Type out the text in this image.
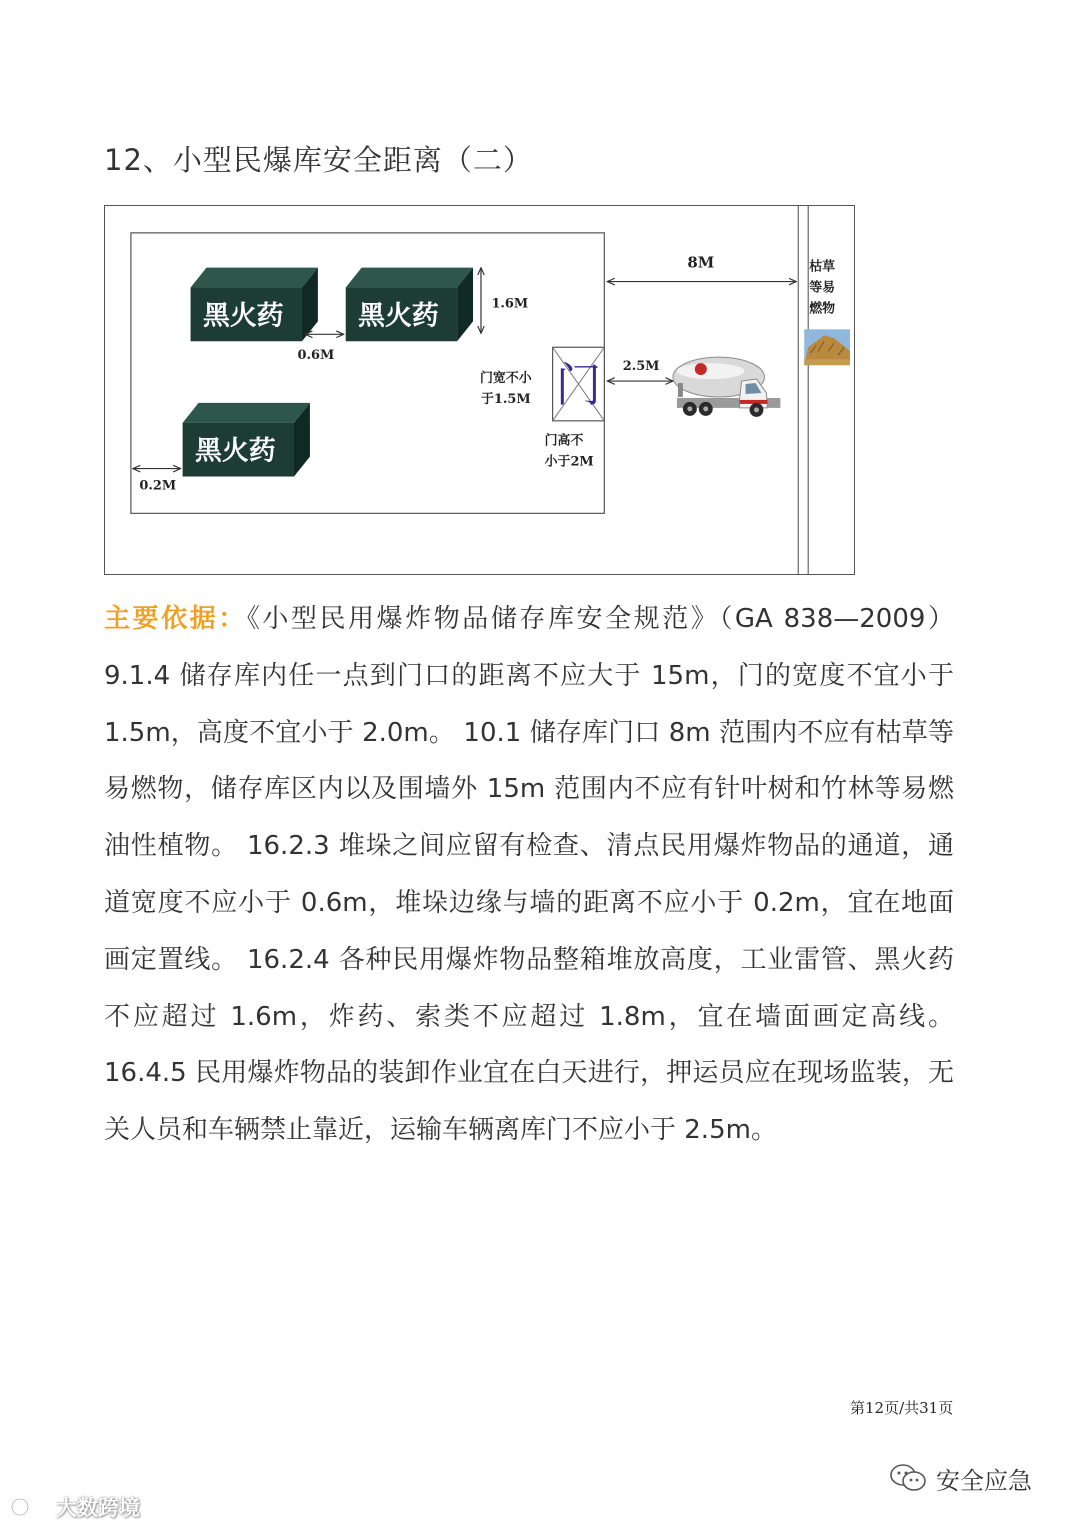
12、小型民爆库安全距离（二）
黑火药	黑火药
黑火药
0.6M
0.2M
1.6M
8M
门
门宽不小
于1.5M
门高不
小于2M
2.5M
枯草
等易
燃物
主要依据：《小型民用爆炸物品储存库安全规范》（GA 838—2009） 9.1.4 储存库内任一点到门口的距离不应大于 15m，门的宽度不宜小于 1.5m，高度不宜小于 2.0m。 10.1 储存库门口 8m 范围内不应有枯草等易燃物，储存库区内以及围墙外 15m 范围内不应有针叶树和竹林等易燃油性植物。 16.2.3 堆垛之间应留有检查、清点民用爆炸物品的通道，通道宽度不应小于 0.6m，堆垛边缘与墙的距离不应小于 0.2m，宜在地面画定置线。 16.2.4 各种民用爆炸物品整箱堆放高度，工业雷管、黑火药不应超过 1.6m，炸药、索类不应超过 1.8m，宜在墙面画定高线。 16.4.5 民用爆炸物品的装卸作业宜在白天进行，押运员应在现场监装，无关人员和车辆禁止靠近，运输车辆离库门不应小于 2.5m。
第12页/共31页
安全应急
大数跨境
